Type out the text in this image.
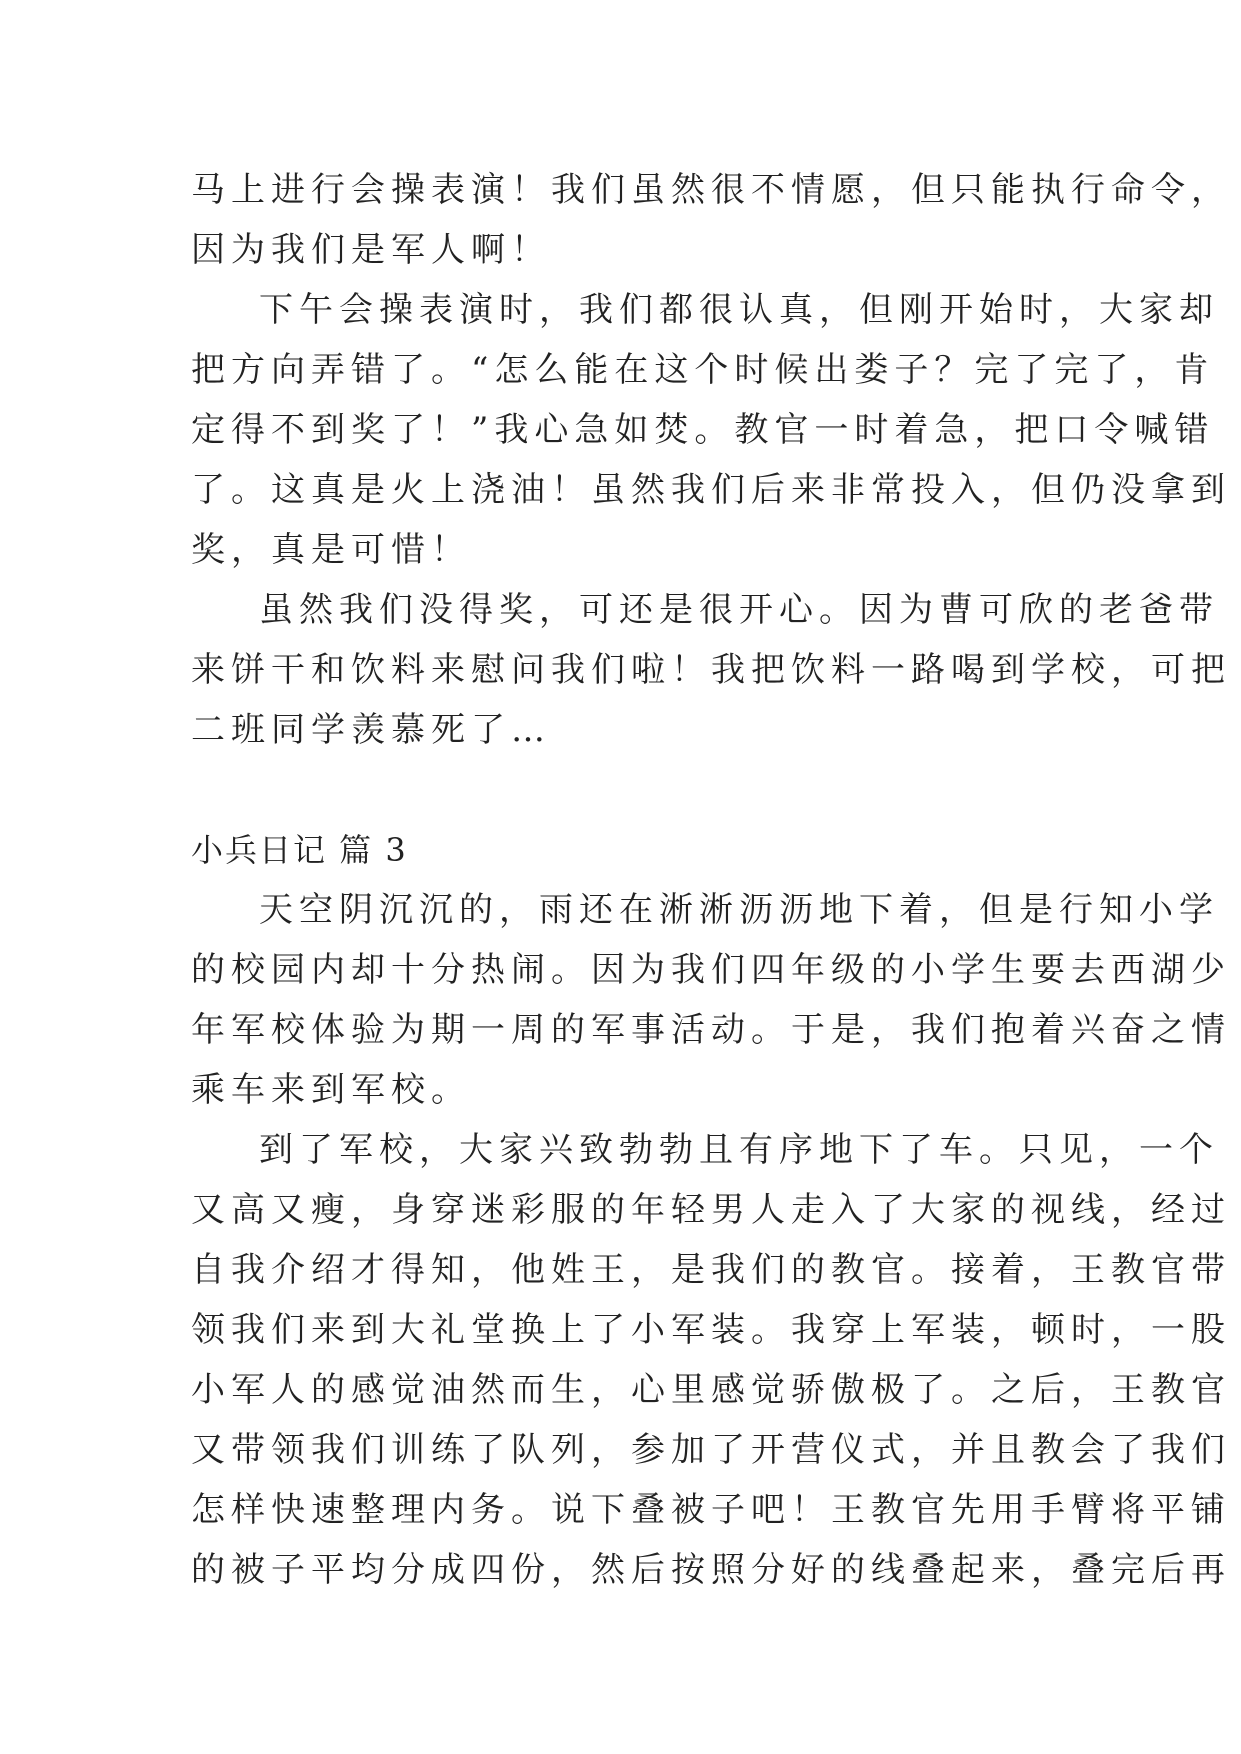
马上进行会操表演！我们虽然很不情愿，但只能执行命令，
因为我们是军人啊！
下午会操表演时，我们都很认真，但刚开始时，大家却
把方向弄错了。“怎么能在这个时候出娄子？完了完了，肯
定得不到奖了！”我心急如焚。教官一时着急，把口令喊错
了。这真是火上浇油！虽然我们后来非常投入，但仍没拿到
奖，真是可惜！
虽然我们没得奖，可还是很开心。因为曹可欣的老爸带
来饼干和饮料来慰问我们啦！我把饮料一路喝到学校，可把
二班同学羡慕死了…
小兵日记 篇 3
天空阴沉沉的，雨还在淅淅沥沥地下着，但是行知小学
的校园内却十分热闹。因为我们四年级的小学生要去西湖少
年军校体验为期一周的军事活动。于是，我们抱着兴奋之情
乘车来到军校。
到了军校，大家兴致勃勃且有序地下了车。只见，一个
又高又瘦，身穿迷彩服的年轻男人走入了大家的视线，经过
自我介绍才得知，他姓王，是我们的教官。接着，王教官带
领我们来到大礼堂换上了小军装。我穿上军装，顿时，一股
小军人的感觉油然而生，心里感觉骄傲极了。之后，王教官
又带领我们训练了队列，参加了开营仪式，并且教会了我们
怎样快速整理内务。说下叠被子吧！王教官先用手臂将平铺
的被子平均分成四份，然后按照分好的线叠起来，叠完后再
